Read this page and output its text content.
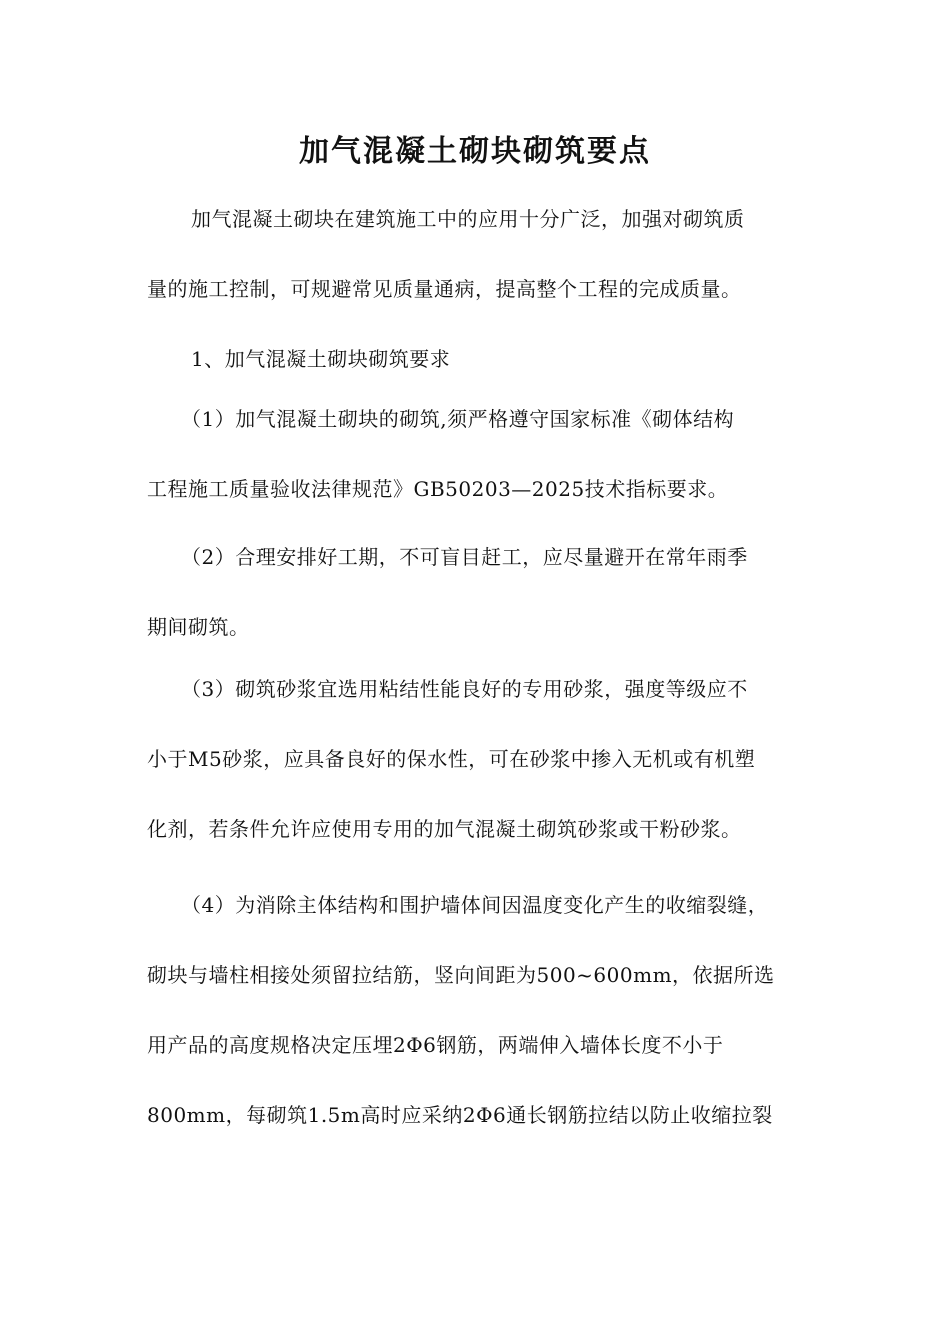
加气混凝土砌块砌筑要点
加气混凝土砌块在建筑施工中的应用十分广泛，加强对砌筑质
量的施工控制，可规避常见质量通病，提高整个工程的完成质量。
1、加气混凝土砌块砌筑要求
（1）加气混凝土砌块的砌筑,须严格遵守国家标准《砌体结构
工程施工质量验收法律规范》GB50203—2025技术指标要求。
（2）合理安排好工期，不可盲目赶工，应尽量避开在常年雨季
期间砌筑。
（3）砌筑砂浆宜选用粘结性能良好的专用砂浆，强度等级应不
小于M5砂浆，应具备良好的保水性，可在砂浆中掺入无机或有机塑
化剂，若条件允许应使用专用的加气混凝土砌筑砂浆或干粉砂浆。
（4）为消除主体结构和围护墙体间因温度变化产生的收缩裂缝，
砌块与墙柱相接处须留拉结筋，竖向间距为500~600mm，依据所选
用产品的高度规格决定压埋2Φ6钢筋，两端伸入墙体长度不小于
800mm，每砌筑1.5m高时应采纳2Φ6通长钢筋拉结以防止收缩拉裂
